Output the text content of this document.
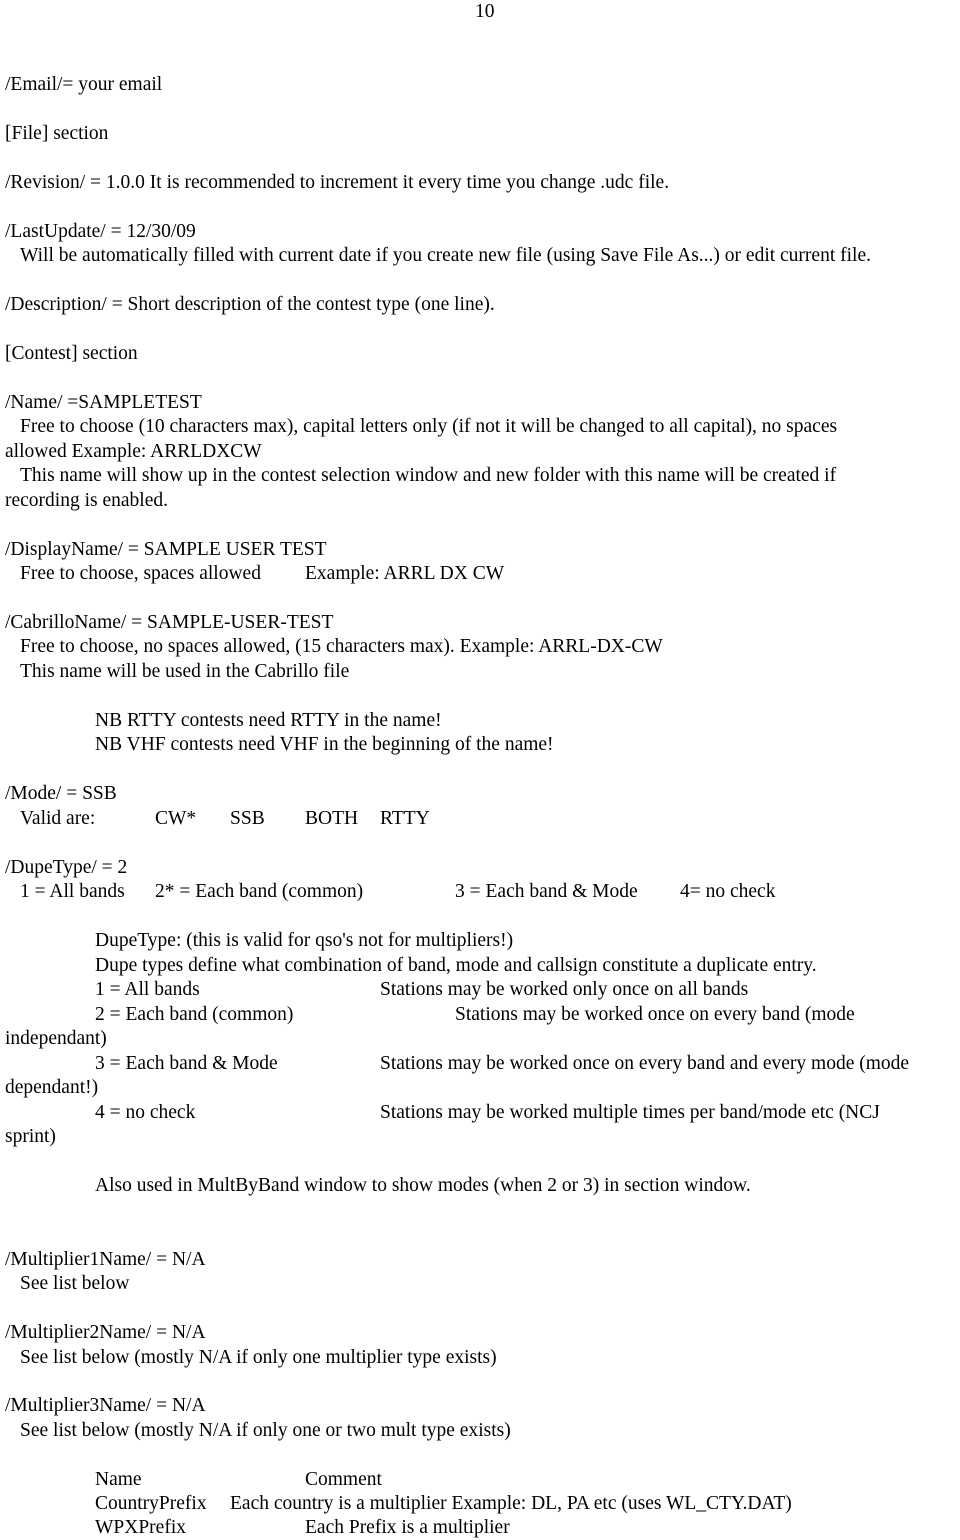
10
/Email/= your email
[File] section
/Revision/ = 1.0.0 It is recommended to increment it every time you change .udc file.
/LastUpdate/ = 12/30/09
Will be automatically filled with current date if you create new file (using Save File As...) or edit current file.
/Description/ = Short description of the contest type (one line).
[Contest] section
/Name/ =SAMPLETEST
Free to choose (10 characters max), capital letters only (if not it will be changed to all capital), no spaces
allowed Example: ARRLDXCW
This name will show up in the contest selection window and new folder with this name will be created if
recording is enabled.
/DisplayName/ = SAMPLE USER TEST
Free to choose, spaces allowed Example: ARRL DX CW
/CabrilloName/ = SAMPLE-USER-TEST
Free to choose, no spaces allowed, (15 characters max). Example: ARRL-DX-CW
This name will be used in the Cabrillo file
NB RTTY contests need RTTY in the name!
NB VHF contests need VHF in the beginning of the name!
/Mode/ = SSB
Valid are:	CW* SSB BOTH RTTY
/DupeType/ = 2
1 = All bands 2* = Each band (common)	3 = Each band & Mode 4= no check
DupeType: (this is valid for qso's not for multipliers!)
Dupe types define what combination of band, mode and callsign constitute a duplicate entry.
1 = All bands	Stations may be worked only once on all bands
2 = Each band (common)	Stations may be worked once on every band (mode
independant)
3 = Each band & Mode	Stations may be worked once on every band and every mode (mode
dependant!)
4 = no check	Stations may be worked multiple times per band/mode etc (NCJ
sprint)
Also used in MultByBand window to show modes (when 2 or 3) in section window.
/Multiplier1Name/ = N/A
See list below
/Multiplier2Name/ = N/A
See list below (mostly N/A if only one multiplier type exists)
/Multiplier3Name/ = N/A
See list below (mostly N/A if only one or two mult type exists)
Name	Comment
CountryPrefix Each country is a multiplier Example: DL, PA etc (uses WL_CTY.DAT)
WPXPrefix	Each Prefix is a multiplier
